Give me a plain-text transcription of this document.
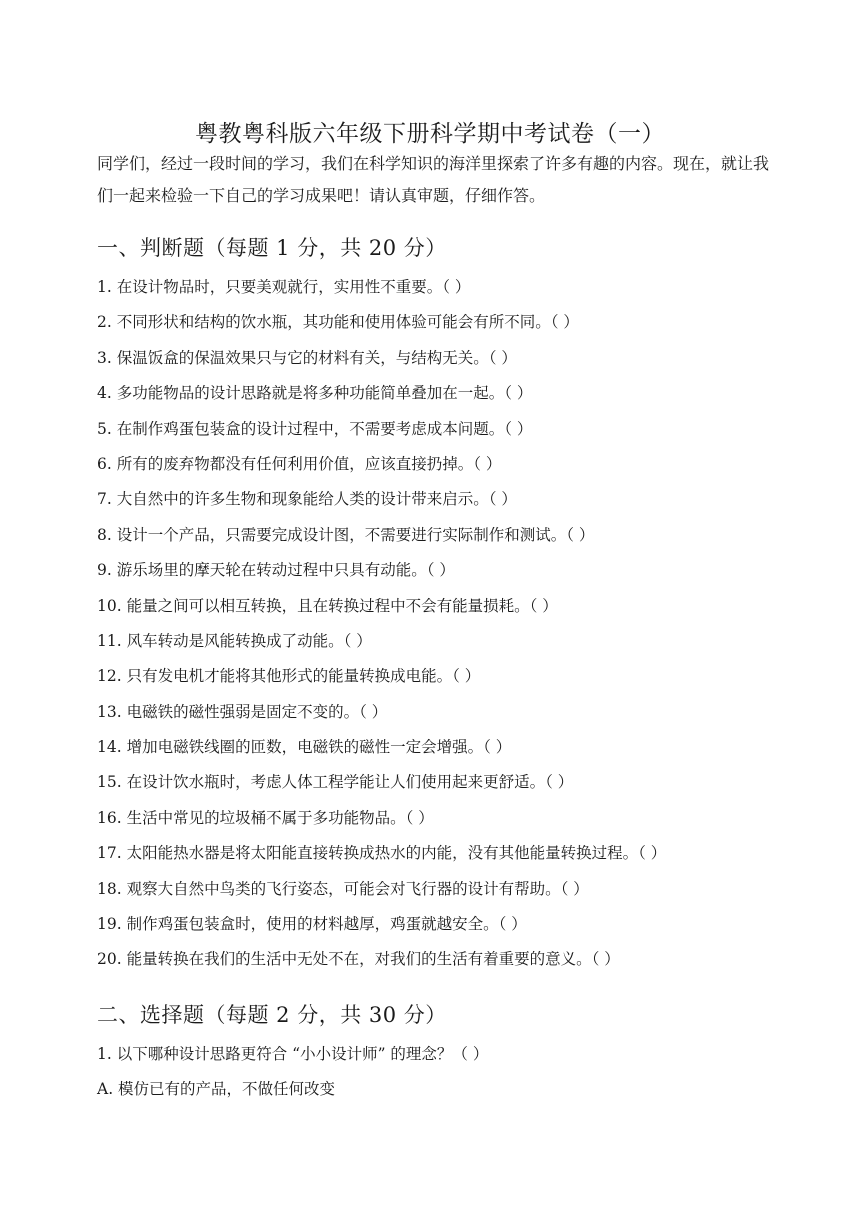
粤教粤科版六年级下册科学期中考试卷（一）

同学们，经过一段时间的学习，我们在科学知识的海洋里探索了许多有趣的内容。现在，就让我们一起来检验一下自己的学习成果吧！请认真审题，仔细作答。

一、判断题（每题 1 分，共 20 分）
1. 在设计物品时，只要美观就行，实用性不重要。（ ）
2. 不同形状和结构的饮水瓶，其功能和使用体验可能会有所不同。（ ）
3. 保温饭盒的保温效果只与它的材料有关，与结构无关。（ ）
4. 多功能物品的设计思路就是将多种功能简单叠加在一起。（ ）
5. 在制作鸡蛋包装盒的设计过程中，不需要考虑成本问题。（ ）
6. 所有的废弃物都没有任何利用价值，应该直接扔掉。（ ）
7. 大自然中的许多生物和现象能给人类的设计带来启示。（ ）
8. 设计一个产品，只需要完成设计图，不需要进行实际制作和测试。（ ）
9. 游乐场里的摩天轮在转动过程中只具有动能。（ ）
10. 能量之间可以相互转换，且在转换过程中不会有能量损耗。（ ）
11. 风车转动是风能转换成了动能。（ ）
12. 只有发电机才能将其他形式的能量转换成电能。（ ）
13. 电磁铁的磁性强弱是固定不变的。（ ）
14. 增加电磁铁线圈的匝数，电磁铁的磁性一定会增强。（ ）
15. 在设计饮水瓶时，考虑人体工程学能让人们使用起来更舒适。（ ）
16. 生活中常见的垃圾桶不属于多功能物品。（ ）
17. 太阳能热水器是将太阳能直接转换成热水的内能，没有其他能量转换过程。（ ）
18. 观察大自然中鸟类的飞行姿态，可能会对飞行器的设计有帮助。（ ）
19. 制作鸡蛋包装盒时，使用的材料越厚，鸡蛋就越安全。（ ）
20. 能量转换在我们的生活中无处不在，对我们的生活有着重要的意义。（ ）
二、选择题（每题 2 分，共 30 分）

1. 以下哪种设计思路更符合 “小小设计师” 的理念？（ ）

A. 模仿已有的产品，不做任何改变
